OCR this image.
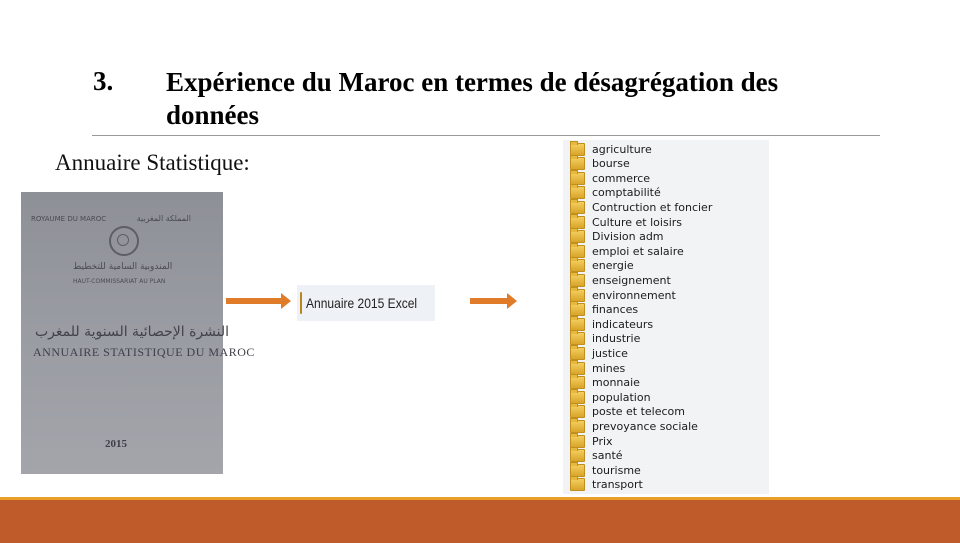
3. Expérience du Maroc en termes de désagrégation des données
Annuaire Statistique:
ROYAUME DU MAROC	المملكة المغربية
المندوبية السامية للتخطيط
HAUT-COMMISSARIAT AU PLAN
النشرة الإحصائية السنوية للمغرب
ANNUAIRE STATISTIQUE DU MAROC
2015
Annuaire 2015 Excel
agriculture
bourse
commerce
comptabilité
Contruction et foncier
Culture et loisirs
Division adm
emploi et salaire
energie
enseignement
environnement
finances
indicateurs
industrie
justice
mines
monnaie
population
poste et telecom
prevoyance sociale
Prix
santé
tourisme
transport
